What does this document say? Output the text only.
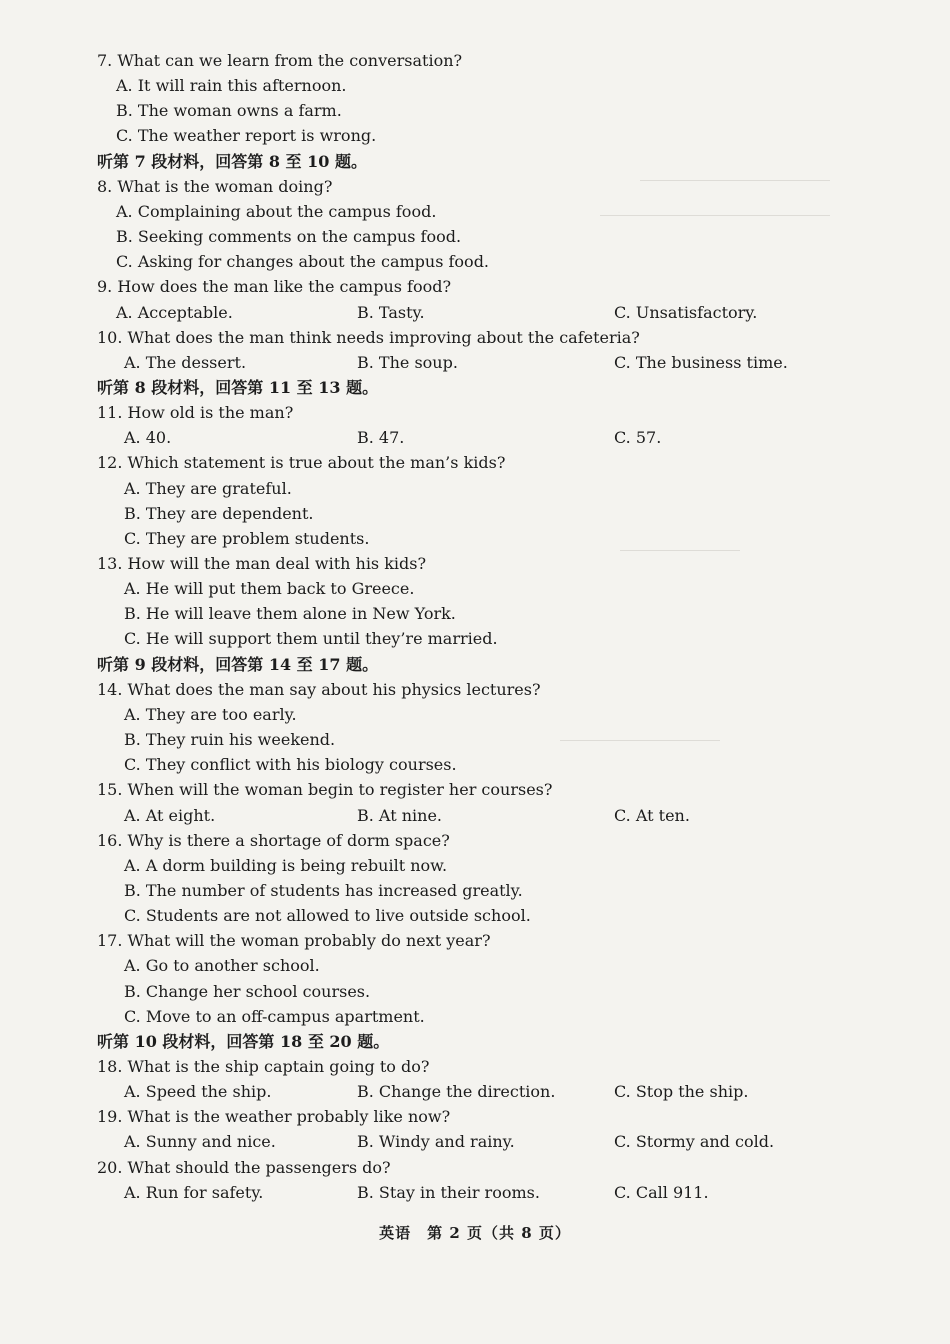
7. What can we learn from the conversation?
A. It will rain this afternoon.
B. The woman owns a farm.
C. The weather report is wrong.
听第 7 段材料，回答第 8 至 10 题。
8. What is the woman doing?
A. Complaining about the campus food.
B. Seeking comments on the campus food.
C. Asking for changes about the campus food.
9. How does the man like the campus food?
A. Acceptable.	B. Tasty.	C. Unsatisfactory.
10. What does the man think needs improving about the cafeteria?
A. The dessert.	B. The soup.	C. The business time.
听第 8 段材料，回答第 11 至 13 题。
11. How old is the man?
A. 40.	B. 47.	C. 57.
12. Which statement is true about the man’s kids?
A. They are grateful.
B. They are dependent.
C. They are problem students.
13. How will the man deal with his kids?
A. He will put them back to Greece.
B. He will leave them alone in New York.
C. He will support them until they’re married.
听第 9 段材料，回答第 14 至 17 题。
14. What does the man say about his physics lectures?
A. They are too early.
B. They ruin his weekend.
C. They conflict with his biology courses.
15. When will the woman begin to register her courses?
A. At eight.	B. At nine.	C. At ten.
16. Why is there a shortage of dorm space?
A. A dorm building is being rebuilt now.
B. The number of students has increased greatly.
C. Students are not allowed to live outside school.
17. What will the woman probably do next year?
A. Go to another school.
B. Change her school courses.
C. Move to an off-campus apartment.
听第 10 段材料，回答第 18 至 20 题。
18. What is the ship captain going to do?
A. Speed the ship.	B. Change the direction.	C. Stop the ship.
19. What is the weather probably like now?
A. Sunny and nice.	B. Windy and rainy.	C. Stormy and cold.
20. What should the passengers do?
A. Run for safety.	B. Stay in their rooms.	C. Call 911.
英语　第 2 页（共 8 页）
